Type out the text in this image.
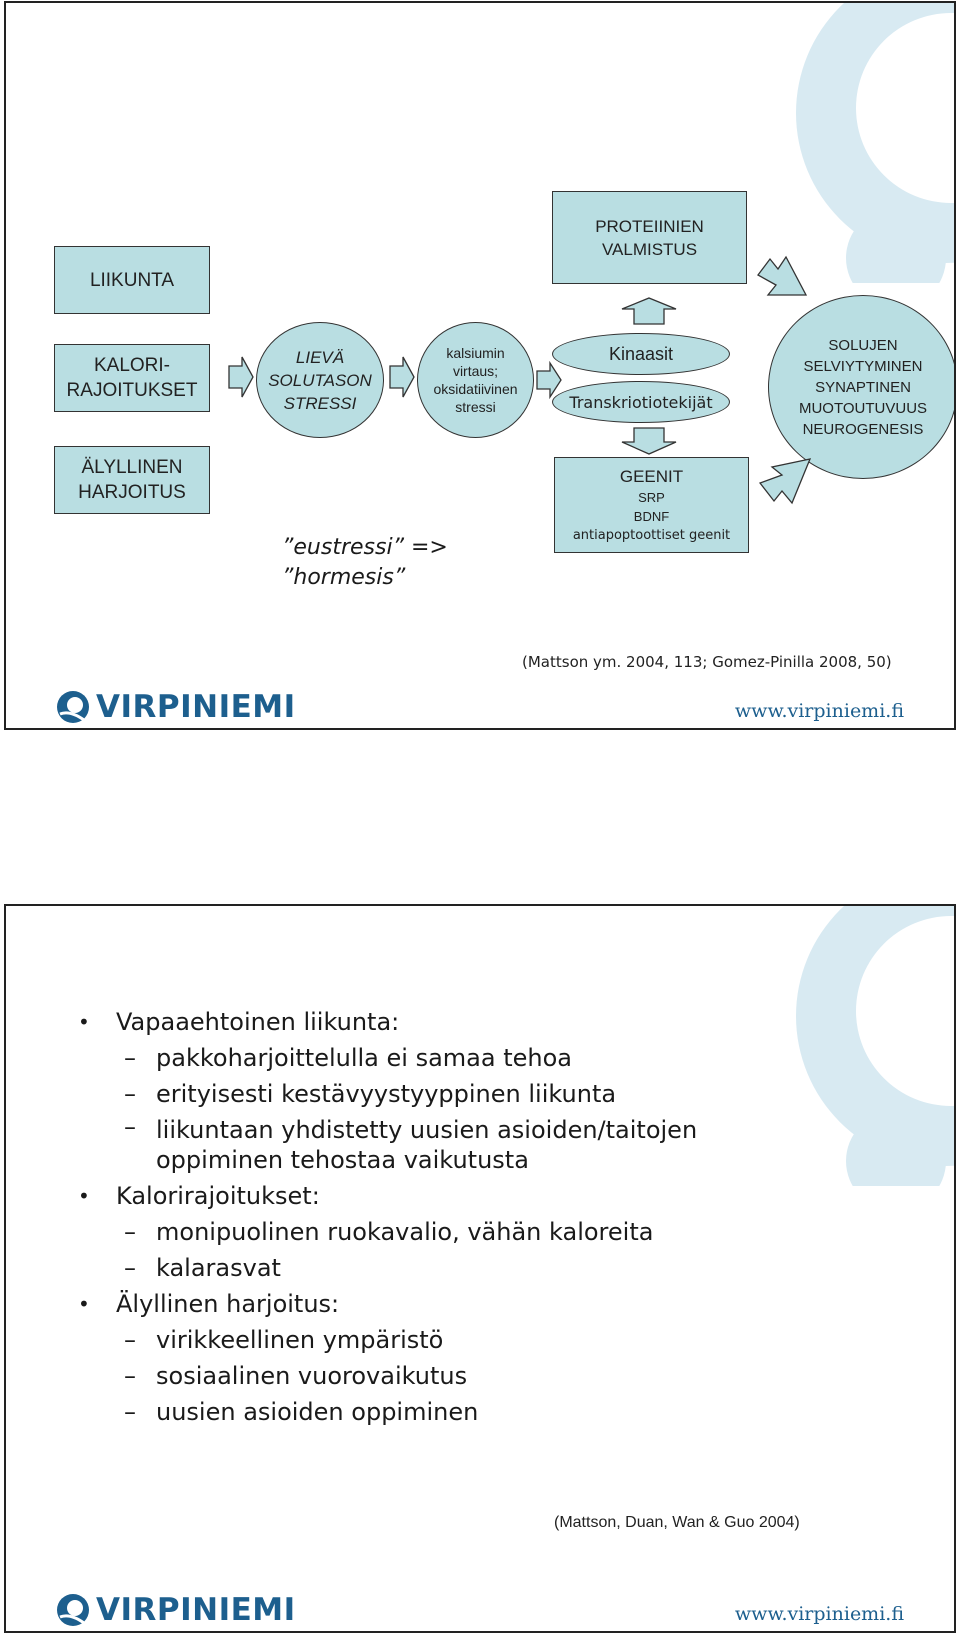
LIIKUNTA
KALORI-
RAJOITUKSET
ÄLYLLINEN
HARJOITUS
LIEVÄ
SOLUTASON
STRESSI
kalsiumin
virtaus;
oksidatiivinen
stressi
PROTEIINIEN
VALMISTUS
Kinaasit
Transkriotiotekijät
GEENIT
SRP
BDNF
antiapoptoottiset geenit
SOLUJEN
SELVIYTYMINEN
SYNAPTINEN
MUOTOUTUVUUS
NEUROGENESIS
”eustressi” =>
”hormesis”
(Mattson ym. 2004, 113; Gomez-Pinilla 2008, 50)
VIRPINIEMI	www.virpiniemi.fi
• Vapaaehtoinen liikunta:
– pakkoharjoittelulla ei samaa tehoa
– erityisesti kestävyystyyppinen liikunta
– liikuntaan yhdistetty uusien asioiden/taitojen
oppiminen tehostaa vaikutusta
• Kalorirajoitukset:
– monipuolinen ruokavalio, vähän kaloreita
– kalarasvat
• Älyllinen harjoitus:
– virikkeellinen ympäristö
– sosiaalinen vuorovaikutus
– uusien asioiden oppiminen
(Mattson, Duan, Wan & Guo 2004)
VIRPINIEMI	www.virpiniemi.fi
